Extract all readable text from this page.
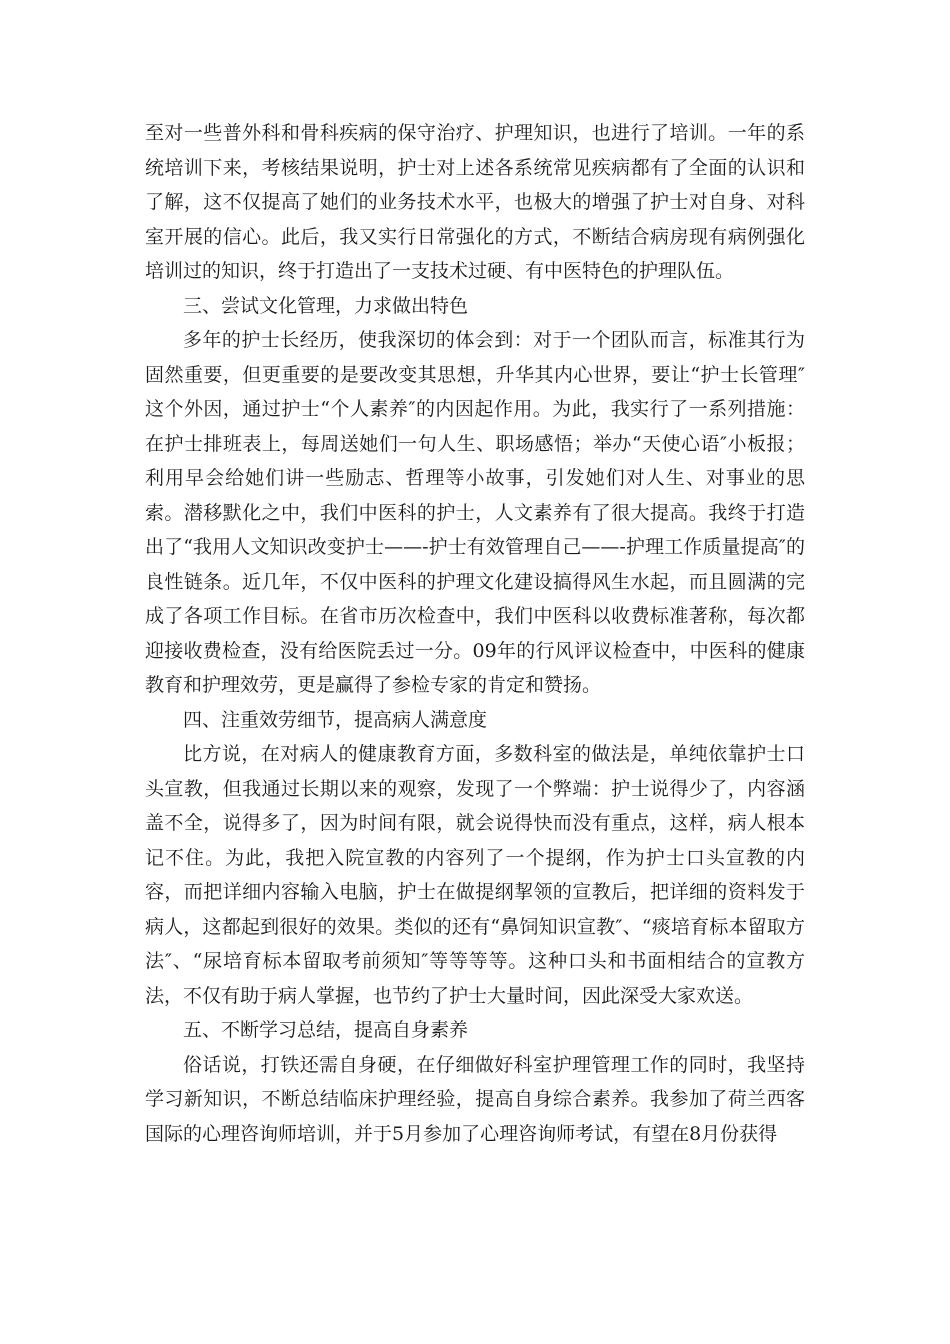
至对一些普外科和骨科疾病的保守治疗、护理知识，也进行了培训。一年的系统培训下来，考核结果说明，护士对上述各系统常见疾病都有了全面的认识和了解，这不仅提高了她们的业务技术水平，也极大的增强了护士对自身、对科室开展的信心。此后，我又实行日常强化的方式，不断结合病房现有病例强化培训过的知识，终于打造出了一支技术过硬、有中医特色的护理队伍。

三、尝试文化管理，力求做出特色

多年的护士长经历，使我深切的体会到：对于一个团队而言，标准其行为固然重要，但更重要的是要改变其思想，升华其内心世界，要让“护士长管理″这个外因，通过护士“个人素养″的内因起作用。为此，我实行了一系列措施：在护士排班表上，每周送她们一句人生、职场感悟；举办“天使心语″小板报；利用早会给她们讲一些励志、哲理等小故事，引发她们对人生、对事业的思索。潜移默化之中，我们中医科的护士，人文素养有了很大提高。我终于打造出了“我用人文知识改变护士——-护士有效管理自己——-护理工作质量提高″的良性链条。近几年，不仅中医科的护理文化建设搞得风生水起，而且圆满的完成了各项工作目标。在省市历次检查中，我们中医科以收费标准著称，每次都迎接收费检查，没有给医院丢过一分。09年的行风评议检查中，中医科的健康教育和护理效劳，更是赢得了参检专家的肯定和赞扬。

四、注重效劳细节，提高病人满意度

比方说，在对病人的健康教育方面，多数科室的做法是，单纯依靠护士口头宣教，但我通过长期以来的观察，发现了一个弊端：护士说得少了，内容涵盖不全，说得多了，因为时间有限，就会说得快而没有重点，这样，病人根本记不住。为此，我把入院宣教的内容列了一个提纲，作为护士口头宣教的内容，而把详细内容输入电脑，护士在做提纲挈领的宣教后，把详细的资料发于病人，这都起到很好的效果。类似的还有“鼻饲知识宣教″、“痰培育标本留取方法″、“尿培育标本留取考前须知″等等等等。这种口头和书面相结合的宣教方法，不仅有助于病人掌握，也节约了护士大量时间，因此深受大家欢送。

五、不断学习总结，提高自身素养

俗话说，打铁还需自身硬，在仔细做好科室护理管理工作的同时，我坚持学习新知识，不断总结临床护理经验，提高自身综合素养。我参加了荷兰西客国际的心理咨询师培训，并于5月参加了心理咨询师考试，有望在8月份获得
